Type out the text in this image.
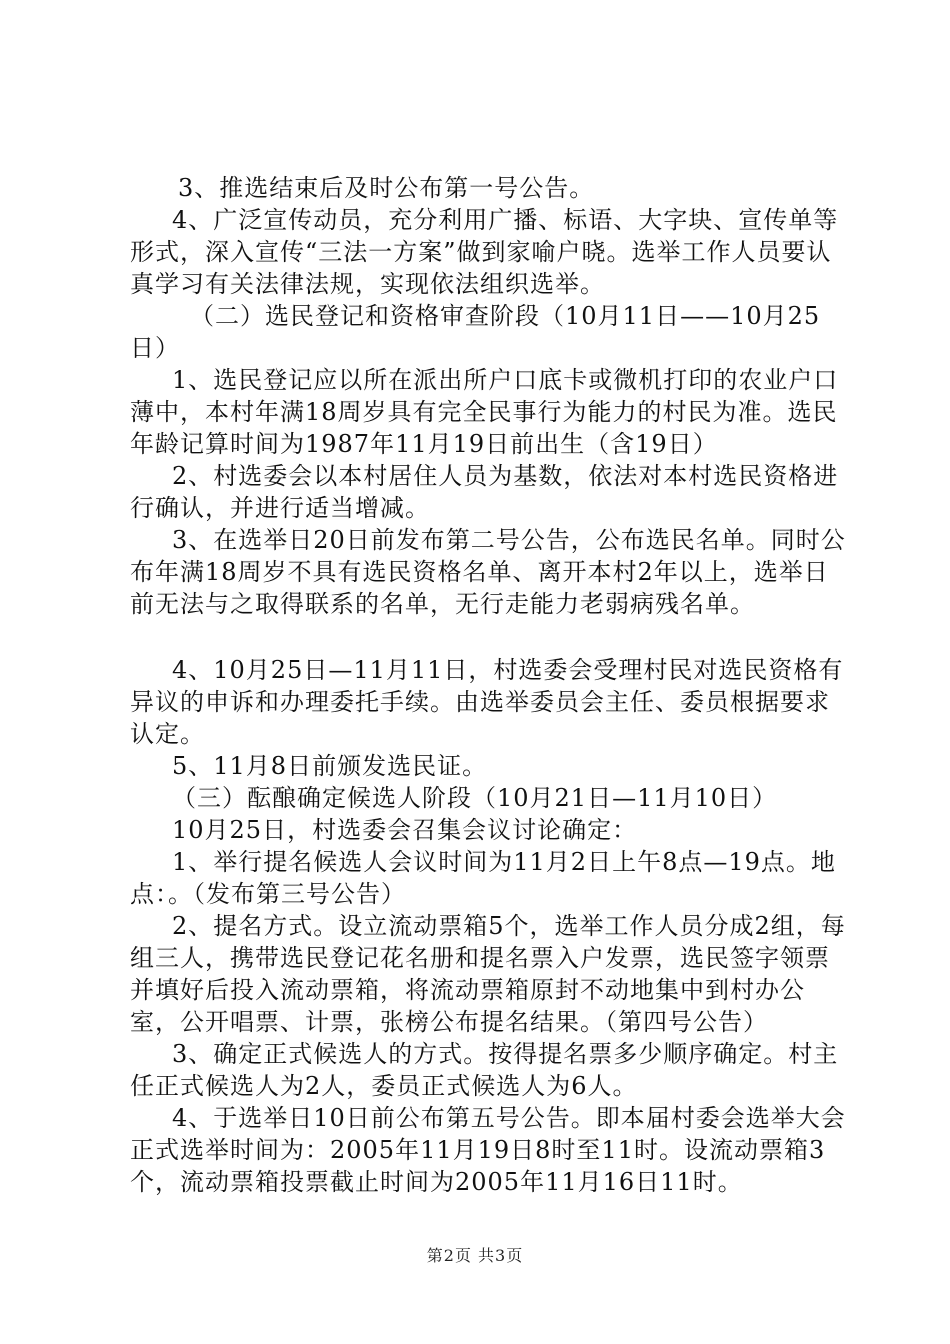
3、推选结束后及时公布第一号公告。

4、广泛宣传动员，充分利用广播、标语、大字块、宣传单等形式，深入宣传“三法一方案”做到家喻户晓。选举工作人员要认真学习有关法律法规，实现依法组织选举。

（二）选民登记和资格审查阶段（10月11日——10月25日）

1、选民登记应以所在派出所户口底卡或微机打印的农业户口薄中，本村年满18周岁具有完全民事行为能力的村民为准。选民年龄记算时间为1987年11月19日前出生（含19日）

2、村选委会以本村居住人员为基数，依法对本村选民资格进行确认，并进行适当增减。

3、在选举日20日前发布第二号公告，公布选民名单。同时公布年满18周岁不具有选民资格名单、离开本村2年以上，选举日前无法与之取得联系的名单，无行走能力老弱病残名单。

4、10月25日—11月11日，村选委会受理村民对选民资格有异议的申诉和办理委托手续。由选举委员会主任、委员根据要求认定。

5、11月8日前颁发选民证。

（三）酝酿确定候选人阶段（10月21日—11月10日）

10月25日，村选委会召集会议讨论确定：

1、举行提名候选人会议时间为11月2日上午8点—19点。地点：。（发布第三号公告）

2、提名方式。设立流动票箱5个，选举工作人员分成2组，每组三人，携带选民登记花名册和提名票入户发票，选民签字领票并填好后投入流动票箱，将流动票箱原封不动地集中到村办公室，公开唱票、计票，张榜公布提名结果。（第四号公告）

3、确定正式候选人的方式。按得提名票多少顺序确定。村主任正式候选人为2人，委员正式候选人为6人。

4、于选举日10日前公布第五号公告。即本届村委会选举大会正式选举时间为：2005年11月19日8时至11时。设流动票箱3个，流动票箱投票截止时间为2005年11月16日11时。

第2页 共3页
